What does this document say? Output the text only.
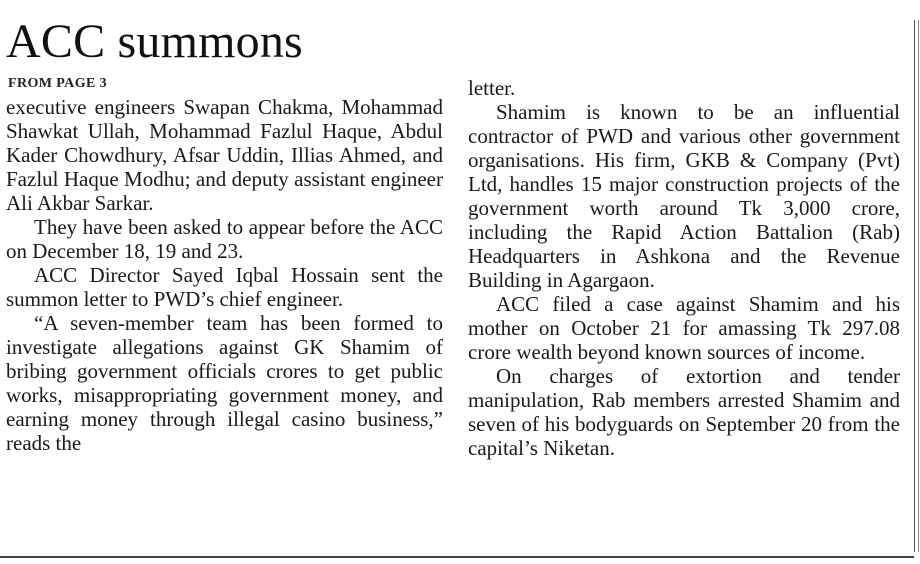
ACC summons
FROM PAGE 3

executive engineers Swapan Chakma, Mohammad Shawkat Ullah, Mohammad Fazlul Haque, Abdul Kader Chowdhury, Afsar Uddin, Illias Ahmed, and Fazlul Haque Modhu; and deputy assistant engineer Ali Akbar Sarkar.

They have been asked to appear before the ACC on December 18, 19 and 23.

ACC Director Sayed Iqbal Hossain sent the summon letter to PWD’s chief engineer.

“A seven-member team has been formed to investigate allegations against GK Shamim of bribing government officials crores to get public works, misappropriating government money, and earning money through illegal casino business,” reads the

letter.

Shamim is known to be an influential contractor of PWD and various other government organisations. His firm, GKB & Company (Pvt) Ltd, handles 15 major construction projects of the government worth around Tk 3,000 crore, including the Rapid Action Battalion (Rab) Headquarters in Ashkona and the Revenue Building in Agargaon.

ACC filed a case against Shamim and his mother on October 21 for amassing Tk 297.08 crore wealth beyond known sources of income.

On charges of extortion and tender manipulation, Rab members arrested Shamim and seven of his bodyguards on September 20 from the capital’s Niketan.
